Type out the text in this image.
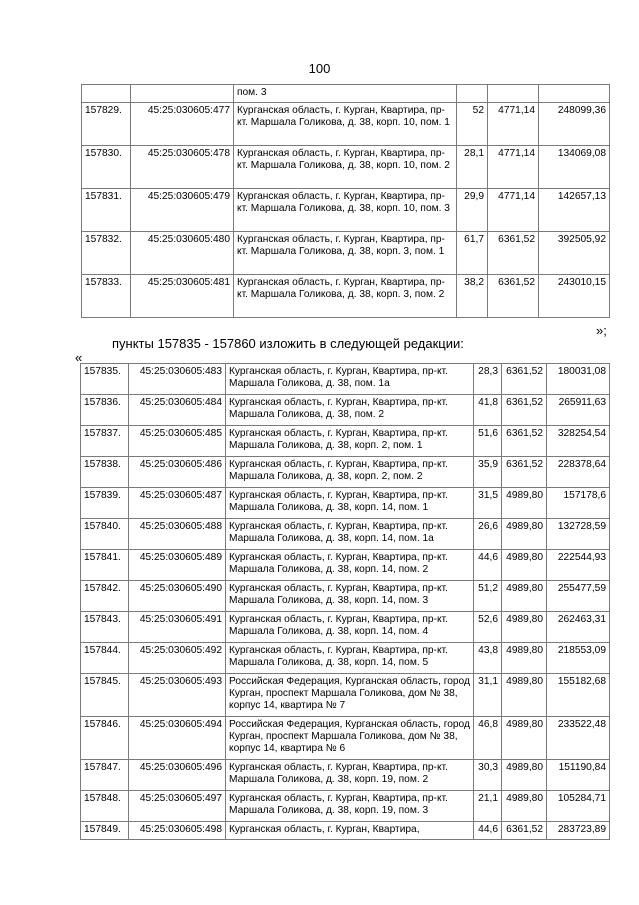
100
		пом. 3			
157829.	45:25:030605:477	Курганская область, г. Курган, Квартира, пр-кт. Маршала Голикова, д. 38, корп. 10, пом. 1	52	4771,14	248099,36
157830.	45:25:030605:478	Курганская область, г. Курган, Квартира, пр-кт. Маршала Голикова, д. 38, корп. 10, пом. 2	28,1	4771,14	134069,08
157831.	45:25:030605:479	Курганская область, г. Курган, Квартира, пр-кт. Маршала Голикова, д. 38, корп. 10, пом. 3	29,9	4771,14	142657,13
157832.	45:25:030605:480	Курганская область, г. Курган, Квартира, пр-кт. Маршала Голикова, д. 38, корп. 3, пом. 1	61,7	6361,52	392505,92
157833.	45:25:030605:481	Курганская область, г. Курган, Квартира, пр-кт. Маршала Голикова, д. 38, корп. 3, пом. 2	38,2	6361,52	243010,15
»;
пункты 157835 - 157860 изложить в следующей редакции:
«
157835.	45:25:030605:483	Курганская область, г. Курган, Квартира, пр-кт. Маршала Голикова, д. 38, пом. 1а	28,3	6361,52	180031,08
157836.	45:25:030605:484	Курганская область, г. Курган, Квартира, пр-кт. Маршала Голикова, д. 38, пом. 2	41,8	6361,52	265911,63
157837.	45:25:030605:485	Курганская область, г. Курган, Квартира, пр-кт. Маршала Голикова, д. 38, корп. 2, пом. 1	51,6	6361,52	328254,54
157838.	45:25:030605:486	Курганская область, г. Курган, Квартира, пр-кт. Маршала Голикова, д. 38, корп. 2, пом. 2	35,9	6361,52	228378,64
157839.	45:25:030605:487	Курганская область, г. Курган, Квартира, пр-кт. Маршала Голикова, д. 38, корп. 14, пом. 1	31,5	4989,80	157178,6
157840.	45:25:030605:488	Курганская область, г. Курган, Квартира, пр-кт. Маршала Голикова, д. 38, корп. 14, пом. 1а	26,6	4989,80	132728,59
157841.	45:25:030605:489	Курганская область, г. Курган, Квартира, пр-кт. Маршала Голикова, д. 38, корп. 14, пом. 2	44,6	4989,80	222544,93
157842.	45:25:030605:490	Курганская область, г. Курган, Квартира, пр-кт. Маршала Голикова, д. 38, корп. 14, пом. 3	51,2	4989,80	255477,59
157843.	45:25:030605:491	Курганская область, г. Курган, Квартира, пр-кт. Маршала Голикова, д. 38, корп. 14, пом. 4	52,6	4989,80	262463,31
157844.	45:25:030605:492	Курганская область, г. Курган, Квартира, пр-кт. Маршала Голикова, д. 38, корп. 14, пом. 5	43,8	4989,80	218553,09
157845.	45:25:030605:493	Российская Федерация, Курганская область, город Курган, проспект Маршала Голикова, дом № 38, корпус 14, квартира № 7	31,1	4989,80	155182,68
157846.	45:25:030605:494	Российская Федерация, Курганская область, город Курган, проспект Маршала Голикова, дом № 38, корпус 14, квартира № 6	46,8	4989,80	233522,48
157847.	45:25:030605:496	Курганская область, г. Курган, Квартира, пр-кт. Маршала Голикова, д. 38, корп. 19, пом. 2	30,3	4989,80	151190,84
157848.	45:25:030605:497	Курганская область, г. Курган, Квартира, пр-кт. Маршала Голикова, д. 38, корп. 19, пом. 3	21,1	4989,80	105284,71
157849.	45:25:030605:498	Курганская область, г. Курган, Квартира,	44,6	6361,52	283723,89
